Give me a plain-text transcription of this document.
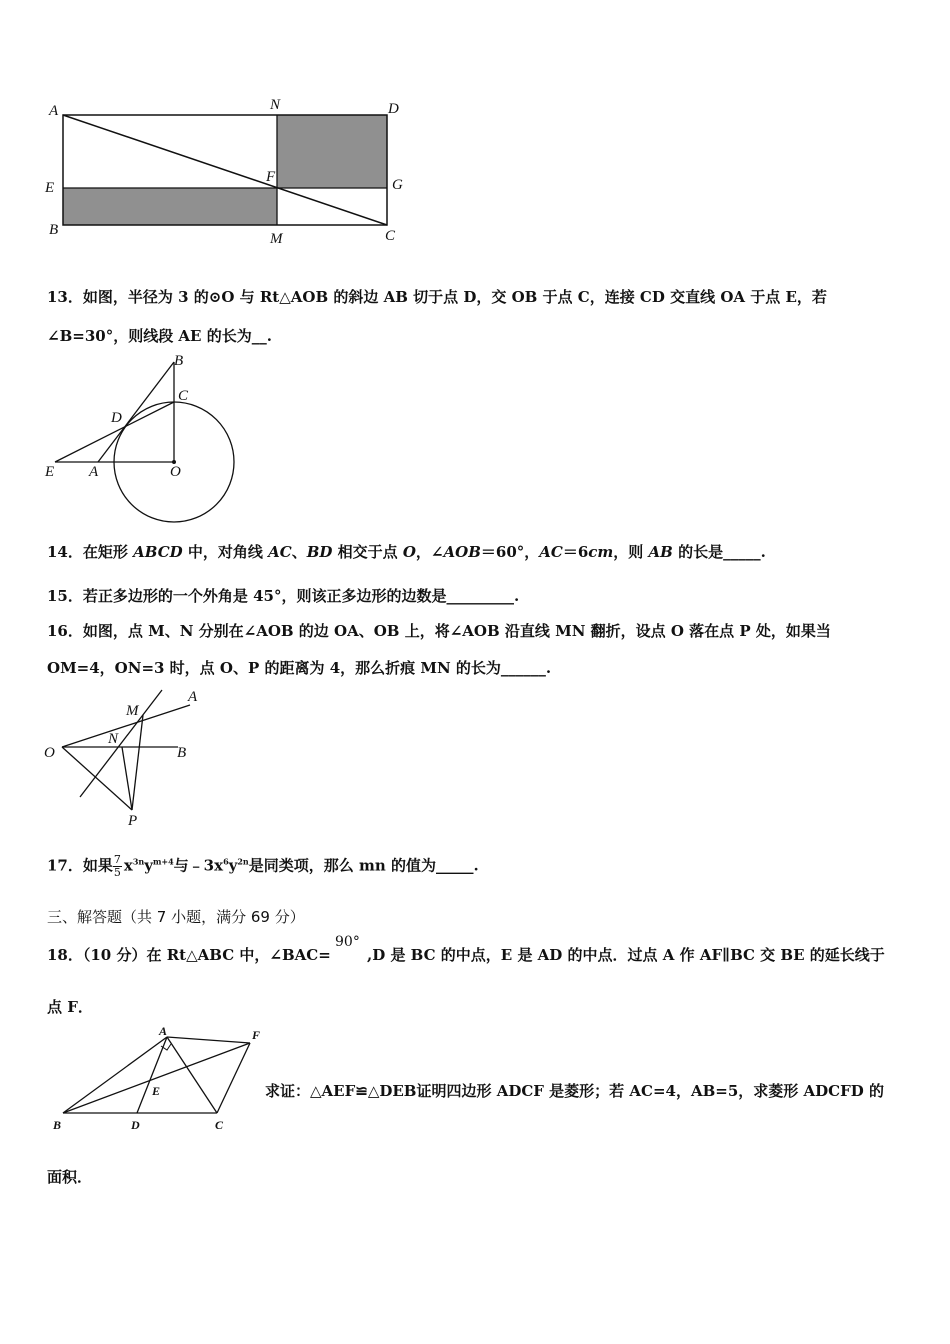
A	N	D
E
F	G
B
M	C
13．如图，半径为 3 的⊙O 与 Rt△AOB 的斜边 AB 切于点 D，交 OB 于点 C，连接 CD 交直线 OA 于点 E，若
∠B=30°，则线段 AE 的长为__.
B
C
D
E A	O
14．在矩形 ABCD 中，对角线 AC、BD 相交于点 O，∠AOB＝60°，AC＝6cm，则 AB 的长是_____.
15．若正多边形的一个外角是 45°，则该正多边形的边数是_________.
16．如图，点 M、N 分别在∠AOB 的边 OA、OB 上，将∠AOB 沿直线 MN 翻折，设点 O 落在点 P 处，如果当
OM=4，ON=3 时，点 O、P 的距离为 4，那么折痕 MN 的长为______.
A
M
O
N
B
P
17．如果 $\frac{7}{5} x^{3n}y^{m+4}$与$﹣3x^6y^{2n}$是同类项，那么 mn 的值为_____.
三、解答题（共 7 小题，满分 69 分）
18．（10 分）在 Rt△ABC 中，∠BAC=
90°
,D 是 BC 的中点，E 是 AD 的中点．过点 A 作 AF∥BC 交 BE 的延长线于
点 F．
A	F
E
B	D	C
求证：△AEF≌△DEB证明四边形 ADCF 是菱形；若 AC=4，AB=5，求菱形 ADCFD 的
面积．
